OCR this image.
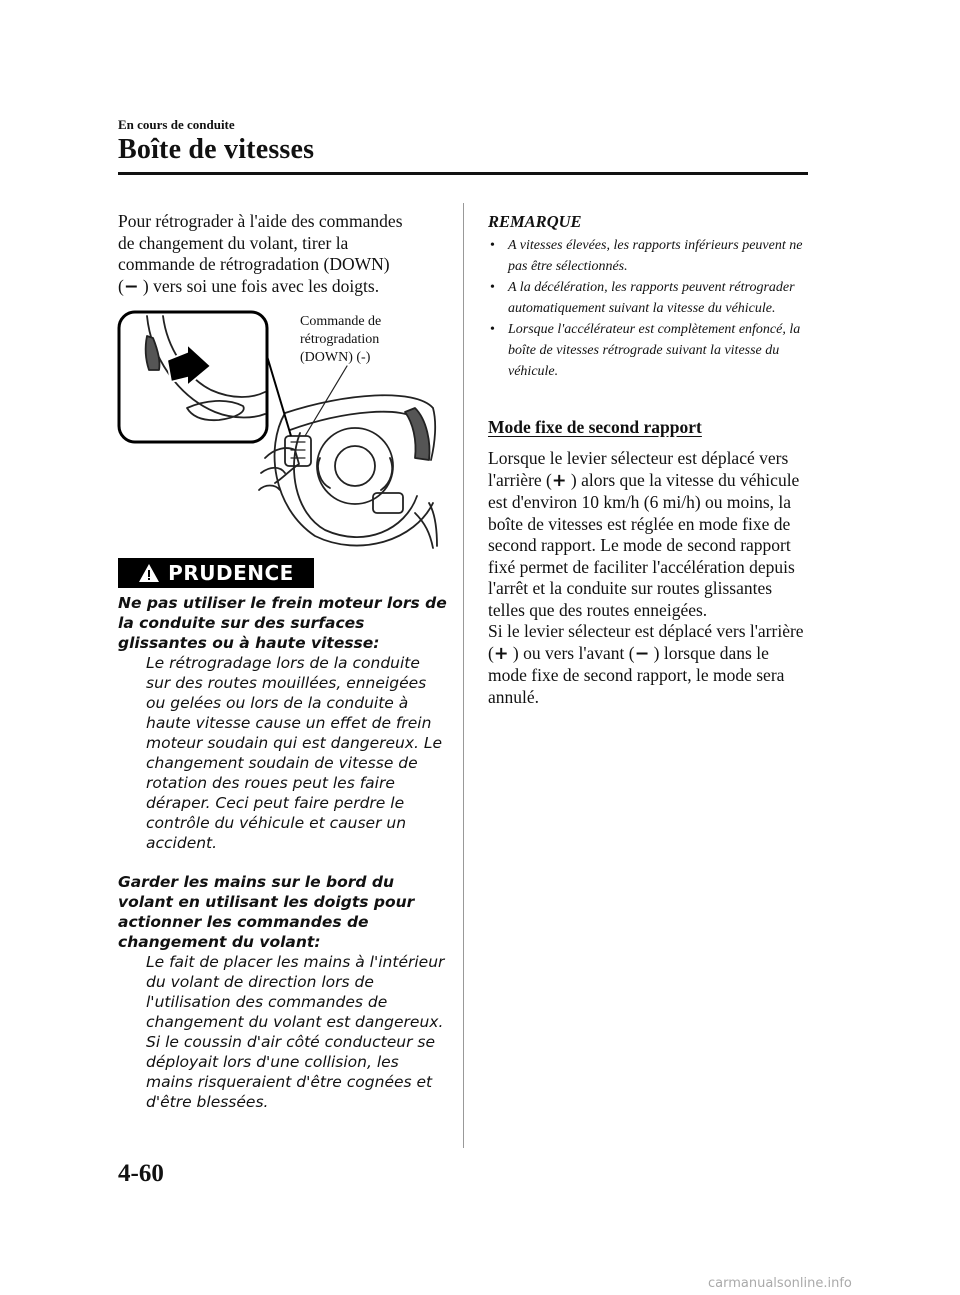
En cours de conduite
Boîte de vitesses

Pour rétrograder à l'aide des commandes

de changement du volant, tirer la

commande de rétrogradation (DOWN)

(− ) vers soi une fois avec les doigts.

Commande de
rétrogradation
(DOWN) (-)
PRUDENCE

Ne pas utiliser le frein moteur lors de la conduite sur des surfaces glissantes ou à haute vitesse:

Le rétrogradage lors de la conduite sur des routes mouillées, enneigées ou gelées ou lors de la conduite à haute vitesse cause un effet de frein moteur soudain qui est dangereux. Le changement soudain de vitesse de rotation des roues peut les faire déraper. Ceci peut faire perdre le contrôle du véhicule et causer un accident.

Garder les mains sur le bord du volant en utilisant les doigts pour actionner les commandes de changement du volant:

Le fait de placer les mains à l'intérieur du volant de direction lors de l'utilisation des commandes de changement du volant est dangereux. Si le coussin d'air côté conducteur se déployait lors d'une collision, les mains risqueraient d'être cognées et d'être blessées.

REMARQUE

• A vitesses élevées, les rapports inférieurs peuvent ne pas être sélectionnés.
• A la décélération, les rapports peuvent rétrograder automatiquement suivant la vitesse du véhicule.
• Lorsque l'accélérateur est complètement enfoncé, la boîte de vitesses rétrograde suivant la vitesse du véhicule.
Mode fixe de second rapport

Lorsque le levier sélecteur est déplacé vers l'arrière (+ ) alors que la vitesse du véhicule est d'environ 10 km/h (6 mi/h) ou moins, la boîte de vitesses est réglée en mode fixe de second rapport. Le mode de second rapport fixé permet de faciliter l'accélération depuis l'arrêt et la conduite sur routes glissantes telles que des routes enneigées.

Si le levier sélecteur est déplacé vers l'arrière (+ ) ou vers l'avant (− ) lorsque dans le mode fixe de second rapport, le mode sera annulé.

4-60
carmanualsonline.info
